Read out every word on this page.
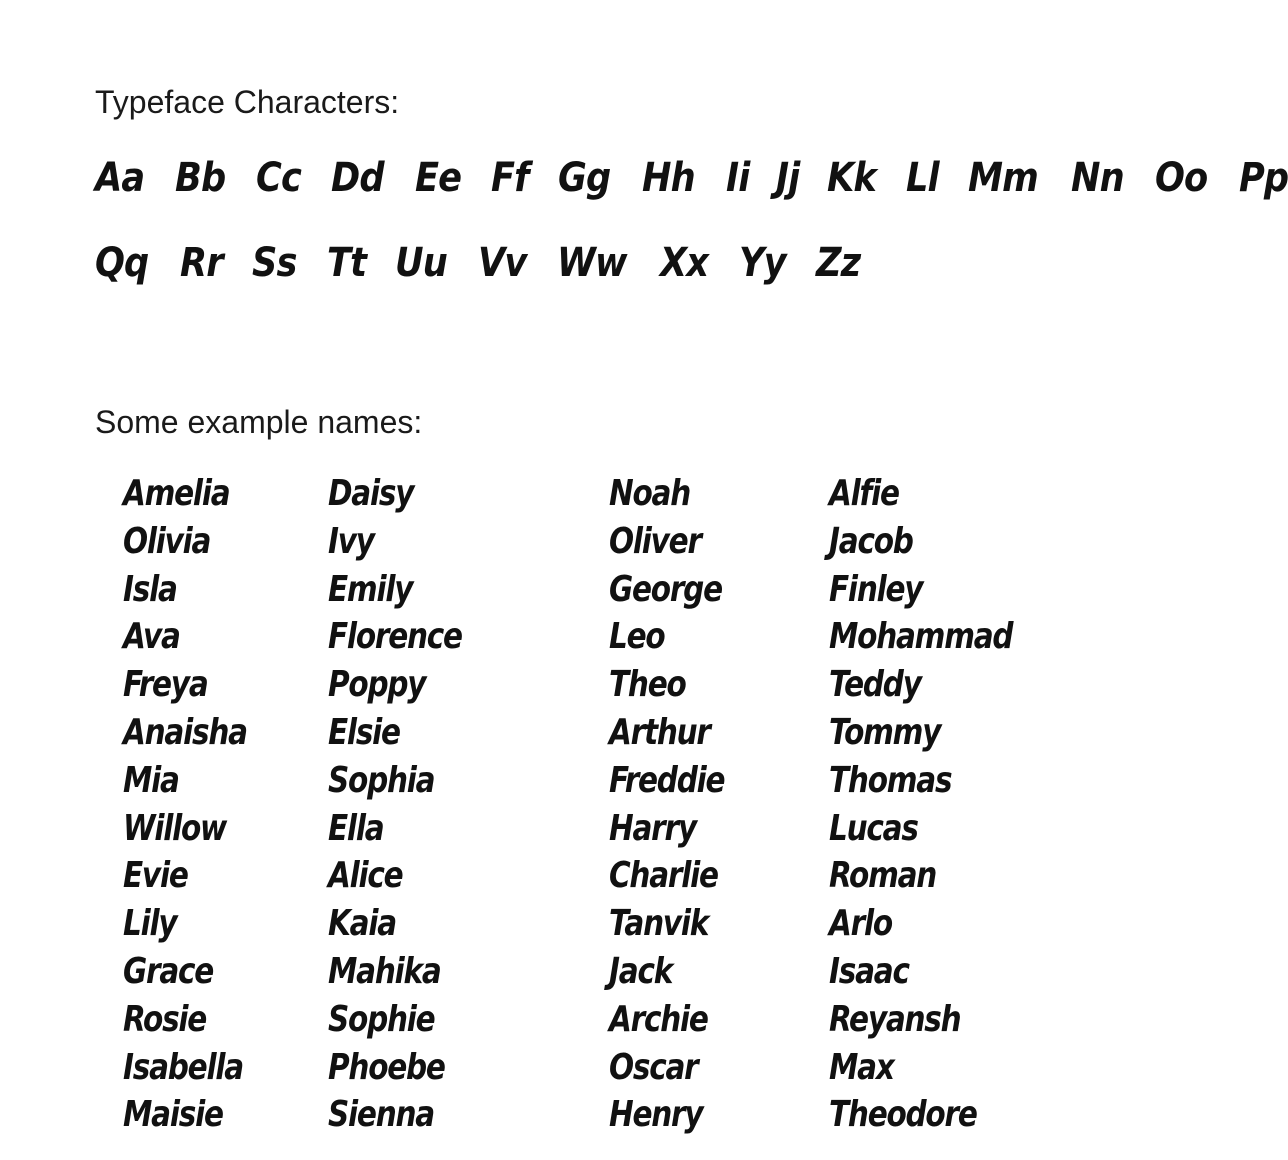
Typeface Characters:
Aa Bb Cc Dd Ee Ff Gg Hh Ii Jj Kk Ll Mm Nn Oo Pp
Qq Rr Ss Tt Uu Vv Ww Xx Yy Zz
Some example names:
Amelia
Olivia
Isla
Ava
Freya
Anaisha
Mia
Willow
Evie
Lily
Grace
Rosie
Isabella
Maisie
Daisy
Ivy
Emily
Florence
Poppy
Elsie
Sophia
Ella
Alice
Kaia
Mahika
Sophie
Phoebe
Sienna
Noah
Oliver
George
Leo
Theo
Arthur
Freddie
Harry
Charlie
Tanvik
Jack
Archie
Oscar
Henry
Alfie
Jacob
Finley
Mohammad
Teddy
Tommy
Thomas
Lucas
Roman
Arlo
Isaac
Reyansh
Max
Theodore
